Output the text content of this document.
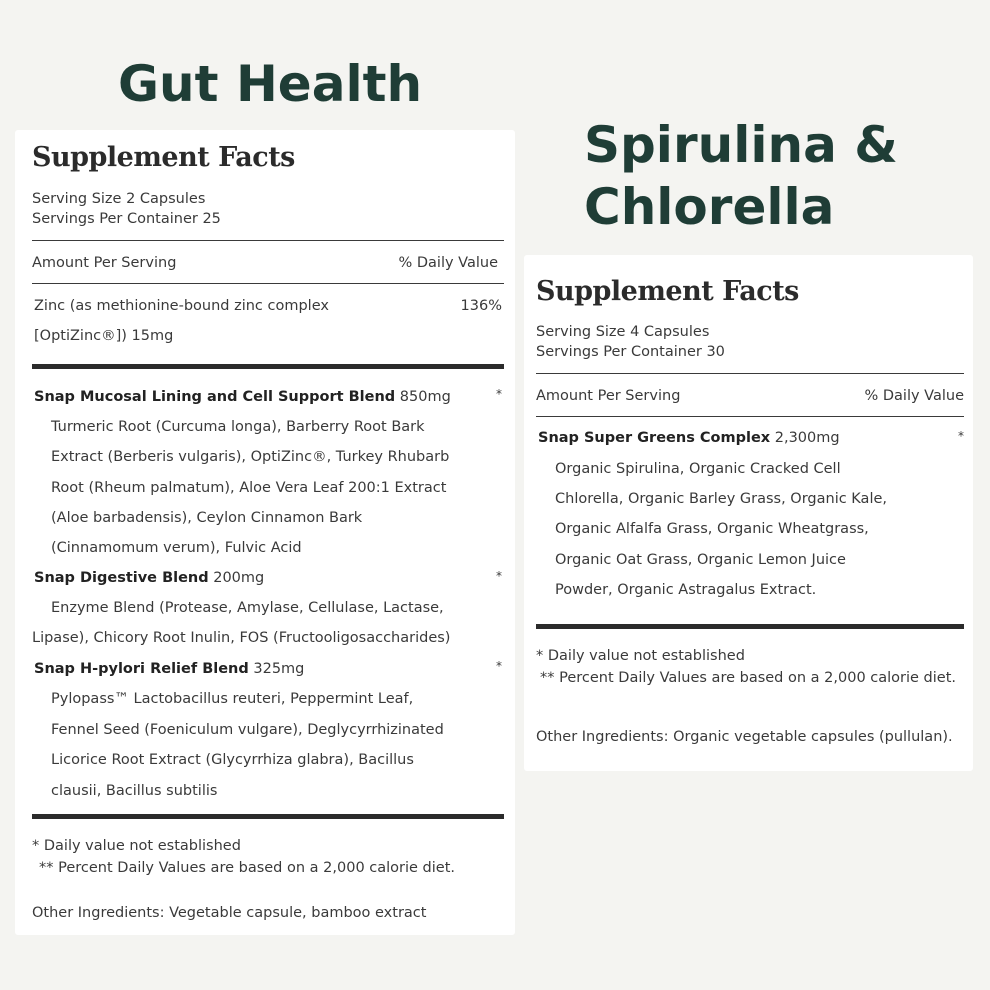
Gut Health
Spirulina &
Chlorella
Supplement Facts
Serving Size 2 Capsules
Servings Per Container 25
Amount Per Serving	% Daily Value
Zinc (as methionine-bound zinc complex	136%
[OptiZinc®]) 15mg
Snap Mucosal Lining and Cell Support Blend 850mg	*
Turmeric Root (Curcuma longa), Barberry Root Bark
Extract (Berberis vulgaris), OptiZinc®, Turkey Rhubarb
Root (Rheum palmatum), Aloe Vera Leaf 200:1 Extract
(Aloe barbadensis), Ceylon Cinnamon Bark
(Cinnamomum verum), Fulvic Acid
Snap Digestive Blend 200mg	*
Enzyme Blend (Protease, Amylase, Cellulase, Lactase,
Lipase), Chicory Root Inulin, FOS (Fructooligosaccharides)
Snap H-pylori Relief Blend 325mg	*
Pylopass™ Lactobacillus reuteri, Peppermint Leaf,
Fennel Seed (Foeniculum vulgare), Deglycyrrhizinated
Licorice Root Extract (Glycyrrhiza glabra), Bacillus
clausii, Bacillus subtilis
* Daily value not established
** Percent Daily Values are based on a 2,000 calorie diet.
Other Ingredients: Vegetable capsule, bamboo extract
Supplement Facts
Serving Size 4 Capsules
Servings Per Container 30
Amount Per Serving	% Daily Value
Snap Super Greens Complex 2,300mg	*
Organic Spirulina, Organic Cracked Cell
Chlorella, Organic Barley Grass, Organic Kale,
Organic Alfalfa Grass, Organic Wheatgrass,
Organic Oat Grass, Organic Lemon Juice
Powder, Organic Astragalus Extract.
* Daily value not established
** Percent Daily Values are based on a 2,000 calorie diet.
Other Ingredients: Organic vegetable capsules (pullulan).
